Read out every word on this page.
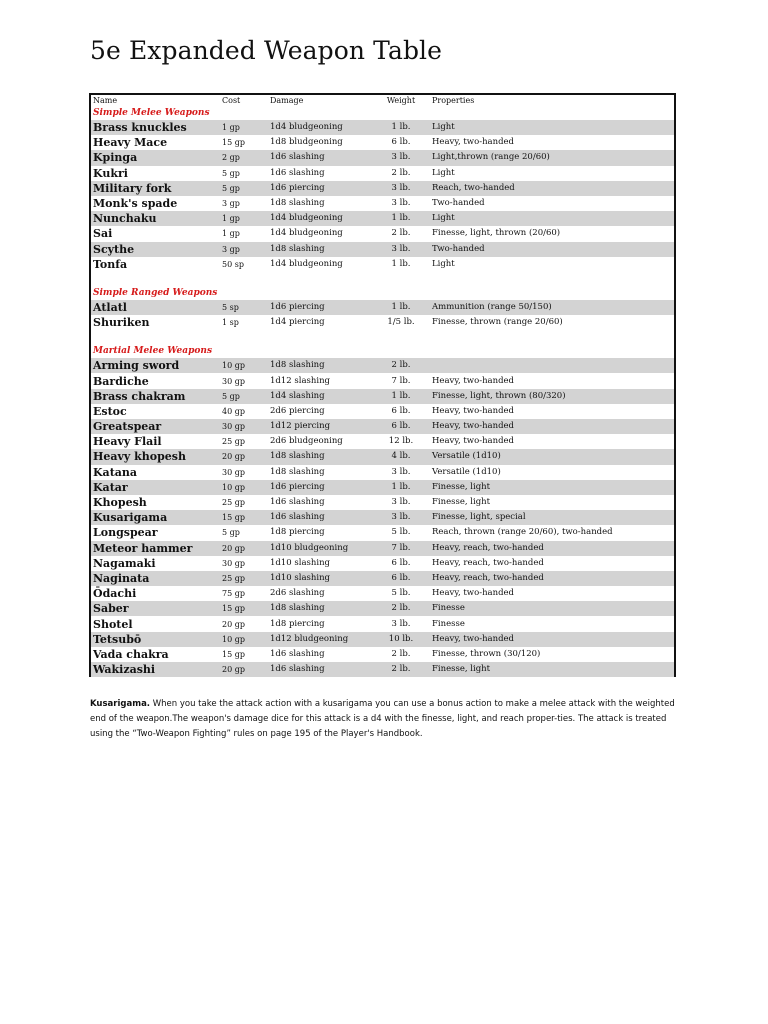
5e Expanded Weapon Table
Name	Cost	Damage	Weight	Properties
Simple Melee Weapons				
Brass knuckles	1 gp	1d4 bludgeoning	1 lb.	Light
Heavy Mace	15 gp	1d8 bludgeoning	6 lb.	Heavy, two-handed
Kpinga	2 gp	1d6 slashing	3 lb.	Light,thrown (range 20/60)
Kukri	5 gp	1d6 slashing	2 lb.	Light
Military fork	5 gp	1d6 piercing	3 lb.	Reach, two-handed
Monk's spade	3 gp	1d8 slashing	3 lb.	Two-handed
Nunchaku	1 gp	1d4 bludgeoning	1 lb.	Light
Sai	1 gp	1d4 bludgeoning	2 lb.	Finesse, light, thrown (20/60)
Scythe	3 gp	1d8 slashing	3 lb.	Two-handed
Tonfa	50 sp	1d4 bludgeoning	1 lb.	Light

Simple Ranged Weapons				
Atlatl	5 sp	1d6 piercing	1 lb.	Ammunition (range 50/150)
Shuriken	1 sp	1d4 piercing	1/5 lb.	Finesse, thrown (range 20/60)

Martial Melee Weapons				
Arming sword	10 gp	1d8 slashing	2 lb.	
Bardiche	30 gp	1d12 slashing	7 lb.	Heavy, two-handed
Brass chakram	5 gp	1d4 slashing	1 lb.	Finesse, light, thrown (80/320)
Estoc	40 gp	2d6 piercing	6 lb.	Heavy, two-handed
Greatspear	30 gp	1d12 piercing	6 lb.	Heavy, two-handed
Heavy Flail	25 gp	2d6 bludgeoning	12 lb.	Heavy, two-handed
Heavy khopesh	20 gp	1d8 slashing	4 lb.	Versatile (1d10)
Katana	30 gp	1d8 slashing	3 lb.	Versatile (1d10)
Katar	10 gp	1d6 piercing	1 lb.	Finesse, light
Khopesh	25 gp	1d6 slashing	3 lb.	Finesse, light
Kusarigama	15 gp	1d6 slashing	3 lb.	Finesse, light, special
Longspear	5 gp	1d8 piercing	5 lb.	Reach, thrown (range 20/60), two-handed
Meteor hammer	20 gp	1d10 bludgeoning	7 lb.	Heavy, reach, two-handed
Nagamaki	30 gp	1d10 slashing	6 lb.	Heavy, reach, two-handed
Naginata	25 gp	1d10 slashing	6 lb.	Heavy, reach, two-handed
Ōdachi	75 gp	2d6 slashing	5 lb.	Heavy, two-handed
Saber	15 gp	1d8 slashing	2 lb.	Finesse
Shotel	20 gp	1d8 piercing	3 lb.	Finesse
Tetsubō	10 gp	1d12 bludgeoning	10 lb.	Heavy, two-handed
Vada chakra	15 gp	1d6 slashing	2 lb.	Finesse, thrown (30/120)
Wakizashi	20 gp	1d6 slashing	2 lb.	Finesse, light

Kusarigama. When you take the attack action with a kusarigama you can use a bonus action to make a melee attack with the weighted end of the weapon.The weapon's damage dice for this attack is a d4 with the finesse, light, and reach proper-ties. The attack is treated using the “Two-Weapon Fighting” rules on page 195 of the Player's Handbook.
